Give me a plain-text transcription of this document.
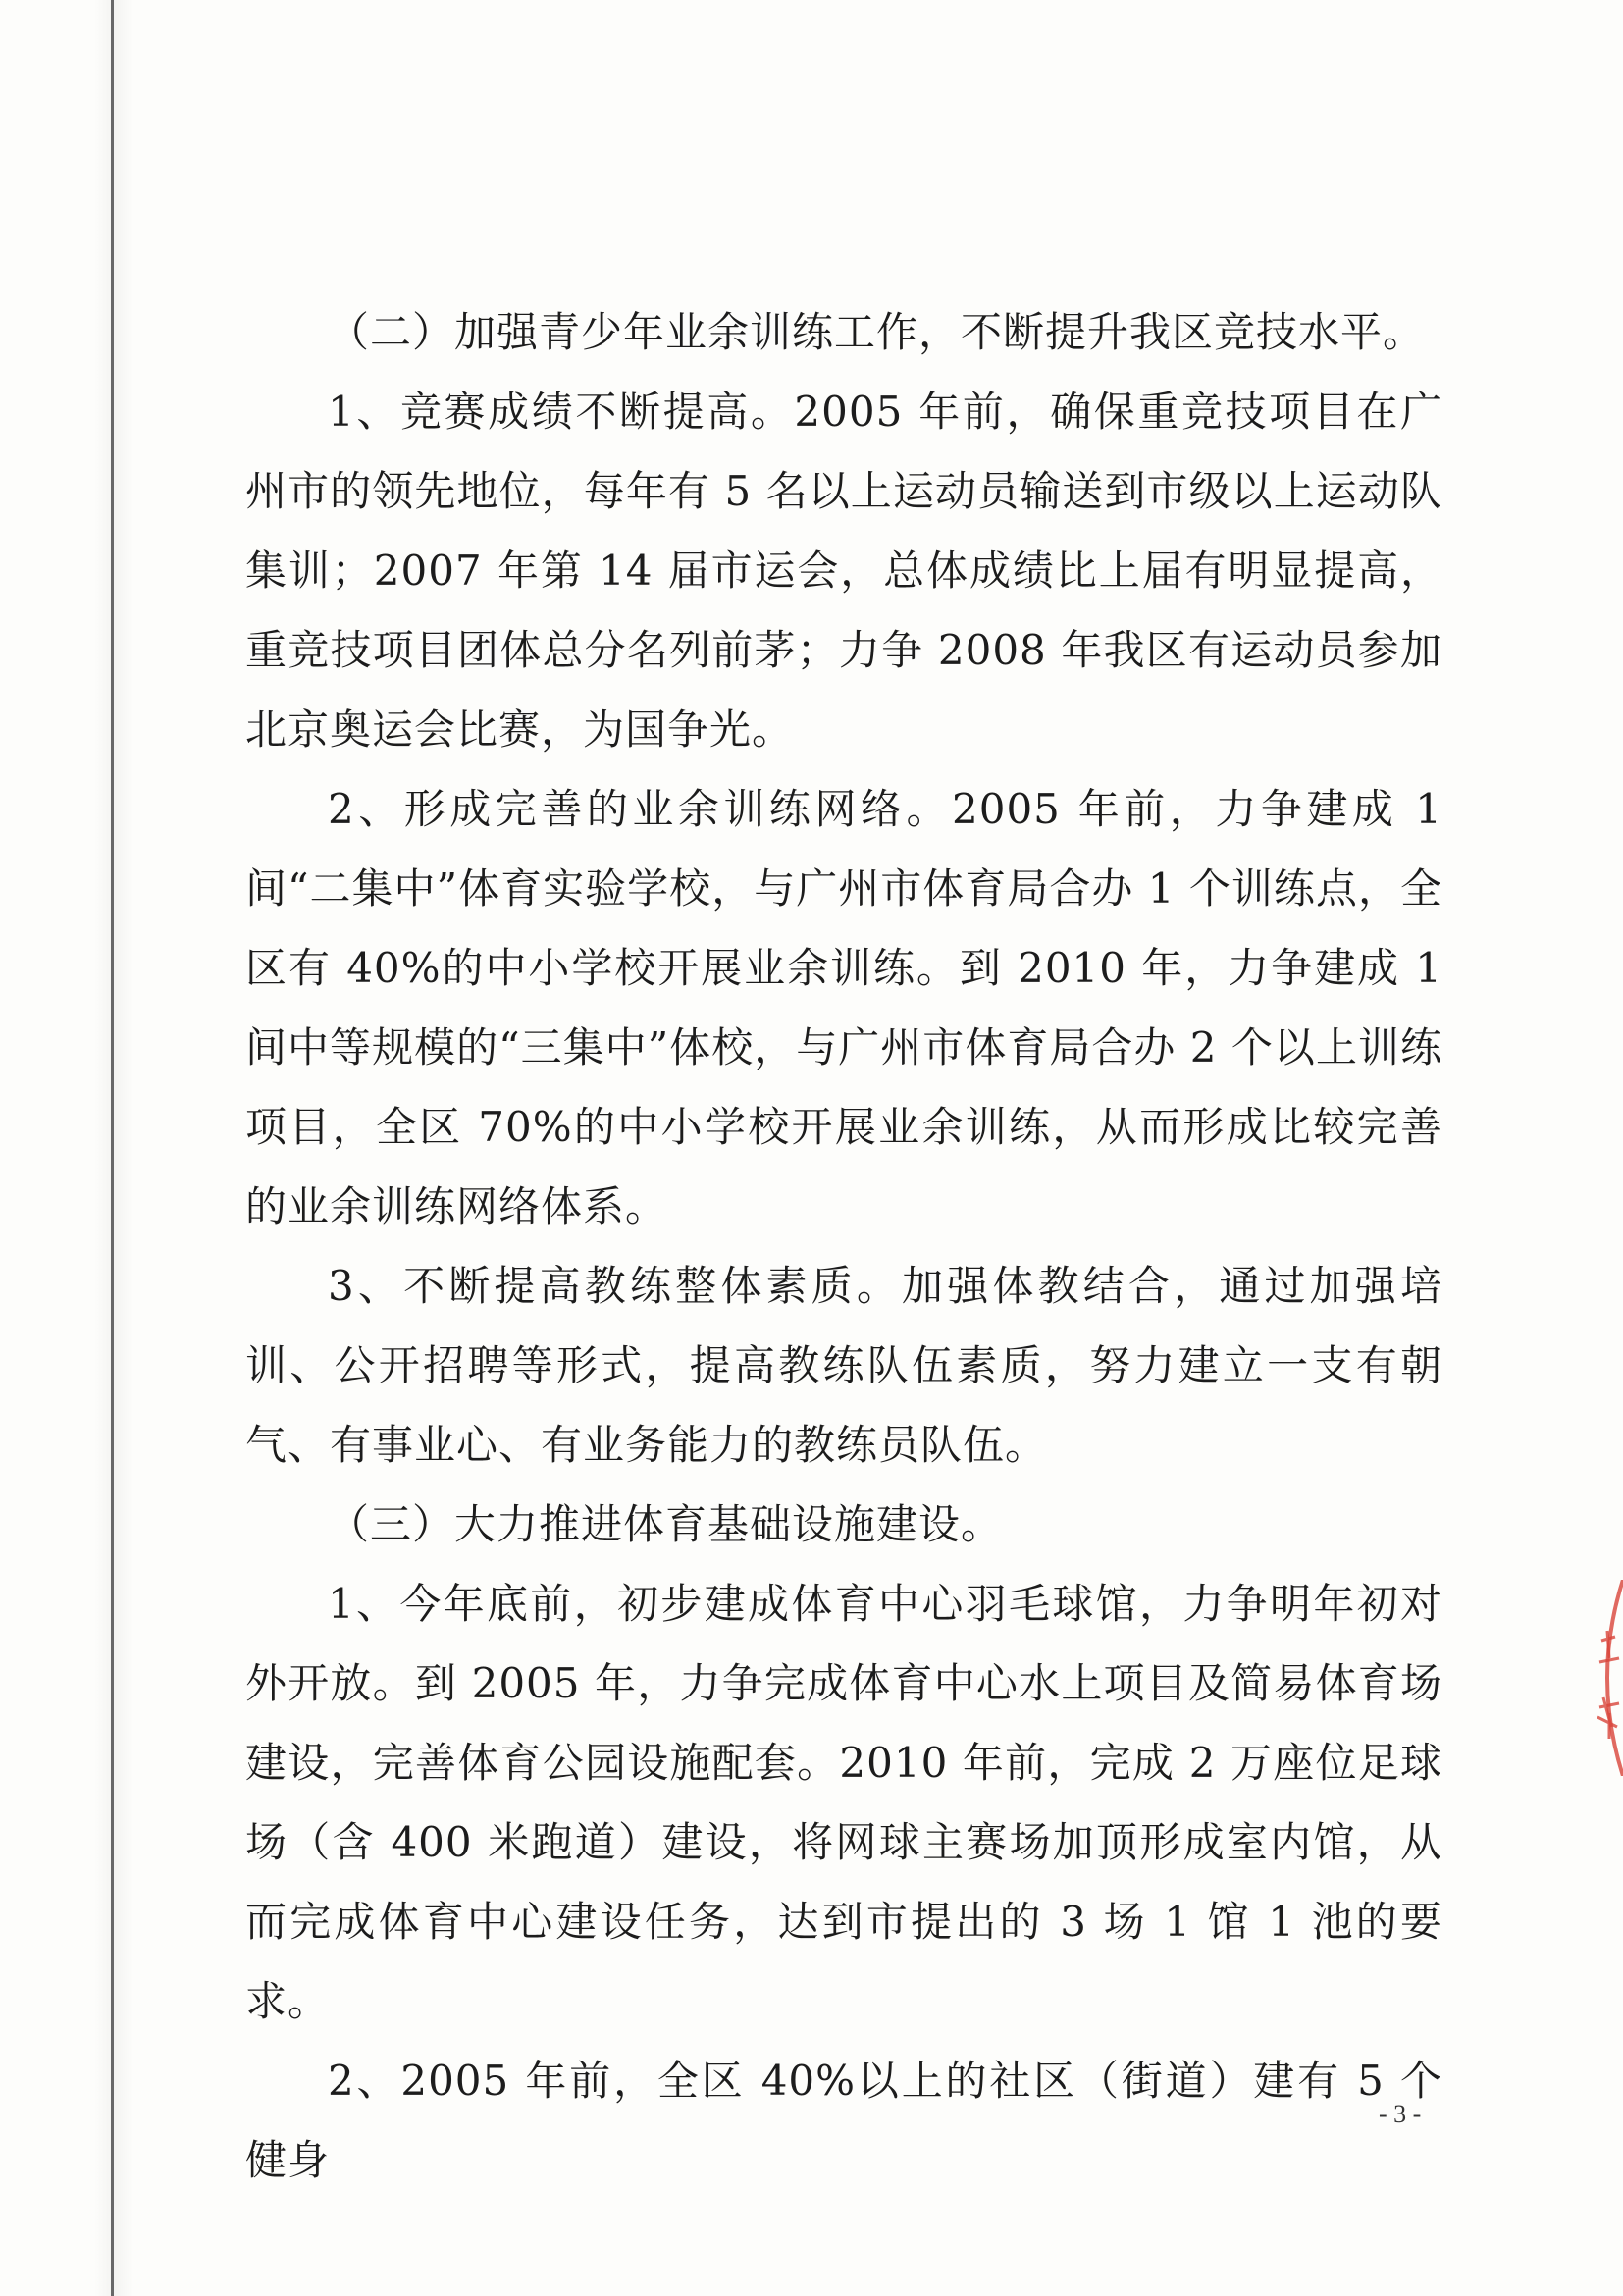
（二）加强青少年业余训练工作，不断提升我区竞技水平。

1、竞赛成绩不断提高。2005 年前，确保重竞技项目在广州市的领先地位，每年有 5 名以上运动员输送到市级以上运动队集训；2007 年第 14 届市运会，总体成绩比上届有明显提高，重竞技项目团体总分名列前茅；力争 2008 年我区有运动员参加北京奥运会比赛，为国争光。

2、形成完善的业余训练网络。2005 年前，力争建成 1 间“二集中”体育实验学校，与广州市体育局合办 1 个训练点，全区有 40%的中小学校开展业余训练。到 2010 年，力争建成 1 间中等规模的“三集中”体校，与广州市体育局合办 2 个以上训练项目，全区 70%的中小学校开展业余训练，从而形成比较完善的业余训练网络体系。

3、不断提高教练整体素质。加强体教结合，通过加强培训、公开招聘等形式，提高教练队伍素质，努力建立一支有朝气、有事业心、有业务能力的教练员队伍。

（三）大力推进体育基础设施建设。

1、今年底前，初步建成体育中心羽毛球馆，力争明年初对外开放。到 2005 年，力争完成体育中心水上项目及简易体育场建设，完善体育公园设施配套。2010 年前，完成 2 万座位足球场（含 400 米跑道）建设，将网球主赛场加顶形成室内馆，从而完成体育中心建设任务，达到市提出的 3 场 1 馆 1 池的要求。

2、2005 年前，全区 40%以上的社区（街道）建有 5 个健身

- 3 -
